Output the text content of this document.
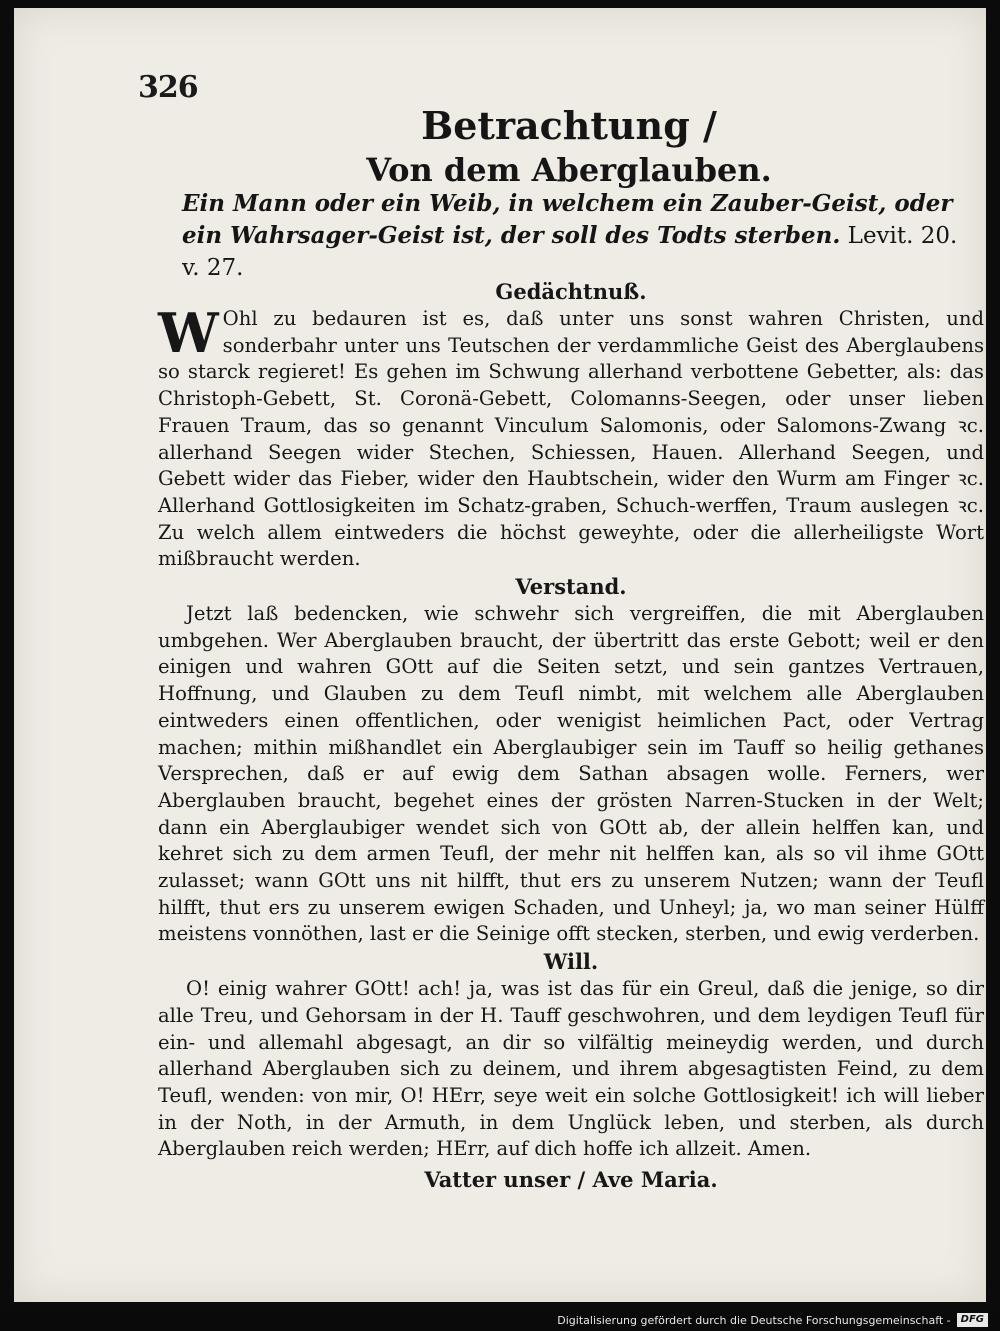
326

Betrachtung /

Von dem Aberglauben.

Ein Mann oder ein Weib, in welchem ein Zauber-Geist, oder ein Wahrsager-Geist ist, der soll des Todts sterben. Levit. 20. v. 27.

Gedächtnuß.

W Ohl zu bedauren ist es, daß unter uns sonst wahren Christen, und sonderbahr unter uns Teutschen der verdammliche Geist des Aberglaubens so starck regieret! Es gehen im Schwung allerhand verbottene Gebetter, als: das Christoph-Gebett, St. Coronä-Gebett, Colomanns-Seegen, oder unser lieben Frauen Traum, das so genannt Vinculum Salomonis, oder Salomons-Zwang ꝛc. allerhand Seegen wider Stechen, Schiessen, Hauen. Allerhand Seegen, und Gebett wider das Fieber, wider den Haubtschein, wider den Wurm am Finger ꝛc. Allerhand Gottlosigkeiten im Schatz-graben, Schuch-werffen, Traum auslegen ꝛc. Zu welch allem eintweders die höchst geweyhte, oder die allerheiligste Wort mißbraucht werden.

Verstand.

Jetzt laß bedencken, wie schwehr sich vergreiffen, die mit Aberglauben umbgehen. Wer Aberglauben braucht, der übertritt das erste Gebott; weil er den einigen und wahren GOtt auf die Seiten setzt, und sein gantzes Vertrauen, Hoffnung, und Glauben zu dem Teufl nimbt, mit welchem alle Aberglauben eintweders einen offentlichen, oder wenigist heimlichen Pact, oder Vertrag machen; mithin mißhandlet ein Aberglaubiger sein im Tauff so heilig gethanes Versprechen, daß er auf ewig dem Sathan absagen wolle. Ferners, wer Aberglauben braucht, begehet eines der grösten Narren-Stucken in der Welt; dann ein Aberglaubiger wendet sich von GOtt ab, der allein helffen kan, und kehret sich zu dem armen Teufl, der mehr nit helffen kan, als so vil ihme GOtt zulasset; wann GOtt uns nit hilfft, thut ers zu unserem Nutzen; wann der Teufl hilfft, thut ers zu unserem ewigen Schaden, und Unheyl; ja, wo man seiner Hülff meistens vonnöthen, last er die Seinige offt stecken, sterben, und ewig verderben.

Will.

O! einig wahrer GOtt! ach! ja, was ist das für ein Greul, daß die jenige, so dir alle Treu, und Gehorsam in der H. Tauff geschwohren, und dem leydigen Teufl für ein- und allemahl abgesagt, an dir so vilfältig meineydig werden, und durch allerhand Aberglauben sich zu deinem, und ihrem abgesagtisten Feind, zu dem Teufl, wenden: von mir, O! HErr, seye weit ein solche Gottlosigkeit! ich will lieber in der Noth, in der Armuth, in dem Unglück leben, und sterben, als durch Aberglauben reich werden; HErr, auf dich hoffe ich allzeit. Amen.

Vatter unser / Ave Maria.

Digitalisierung gefördert durch die Deutsche Forschungsgemeinschaft -	DFG
